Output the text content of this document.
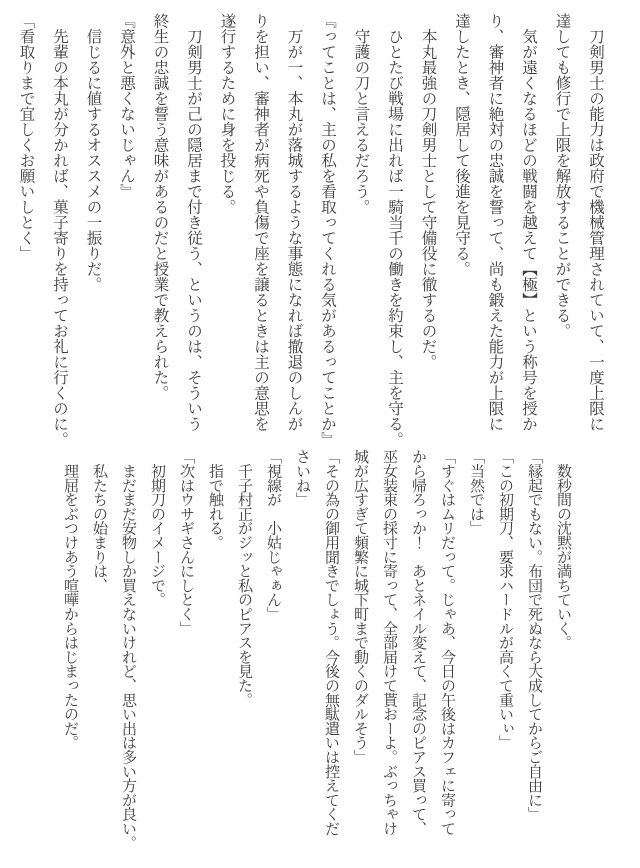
　刀剣男士の能力は政府で機械管理されていて、一度上限に
達しても修行で上限を解放することができる。
　気が遠くなるほどの戦闘を越えて【極】という称号を授か
り、審神者に絶対の忠誠を誓って、尚も鍛えた能力が上限に
達したとき、隠居して後進を見守る。
　本丸最強の刀剣男士として守備役に徹するのだ。
　ひとたび戦場に出れば一騎当千の働きを約束し、主を守る。
　守護の刀と言えるだろう。
『ってことは、主の私を看取ってくれる気があるってことか』
　万が一、本丸が落城するような事態になれば撤退のしんが
りを担い、審神者が病死や負傷で座を譲るときは主の意思を
遂行するために身を投じる。
　刀剣男士が己の隠居まで付き従う、というのは、そういう
終生の忠誠を誓う意味があるのだと授業で教えられた。
『意外と悪くないじゃん』
　信じるに値するオススメの一振りだ。
　先輩の本丸が分かれば、菓子寄りを持ってお礼に行くのに。
「看取りまで宜しくお願いしとく」
　数秒間の沈黙が満ちていく。
「縁起でもない。布団で死ぬなら大成してからご自由に」
「この初期刀、要求ハードルが高くて重いぃ」
「当然では」
「すぐはムリだって。じゃあ、今日の午後はカフェに寄って
から帰ろっか！　あとネイル変えて、記念のピアス買って、
巫女装束の採寸に寄って、全部届けて貰おーよ。ぶっちゃけ
城が広すぎて頻繁に城下町まで動くのダルそう」
「その為の御用聞きでしょう。今後の無駄遣いは控えてくだ
さいね」
「視線が　小姑じゃぁん」
　千子村正がジッと私のピアスを見た。
　指で触れる。
「次はウサギさんにしとく」
　初期刀のイメージで。
　まだまだ安物しか買えないけれど、思い出は多い方が良い。
　私たちの始まりは、
　理屈をぶつけあう喧嘩からはじまったのだ。
